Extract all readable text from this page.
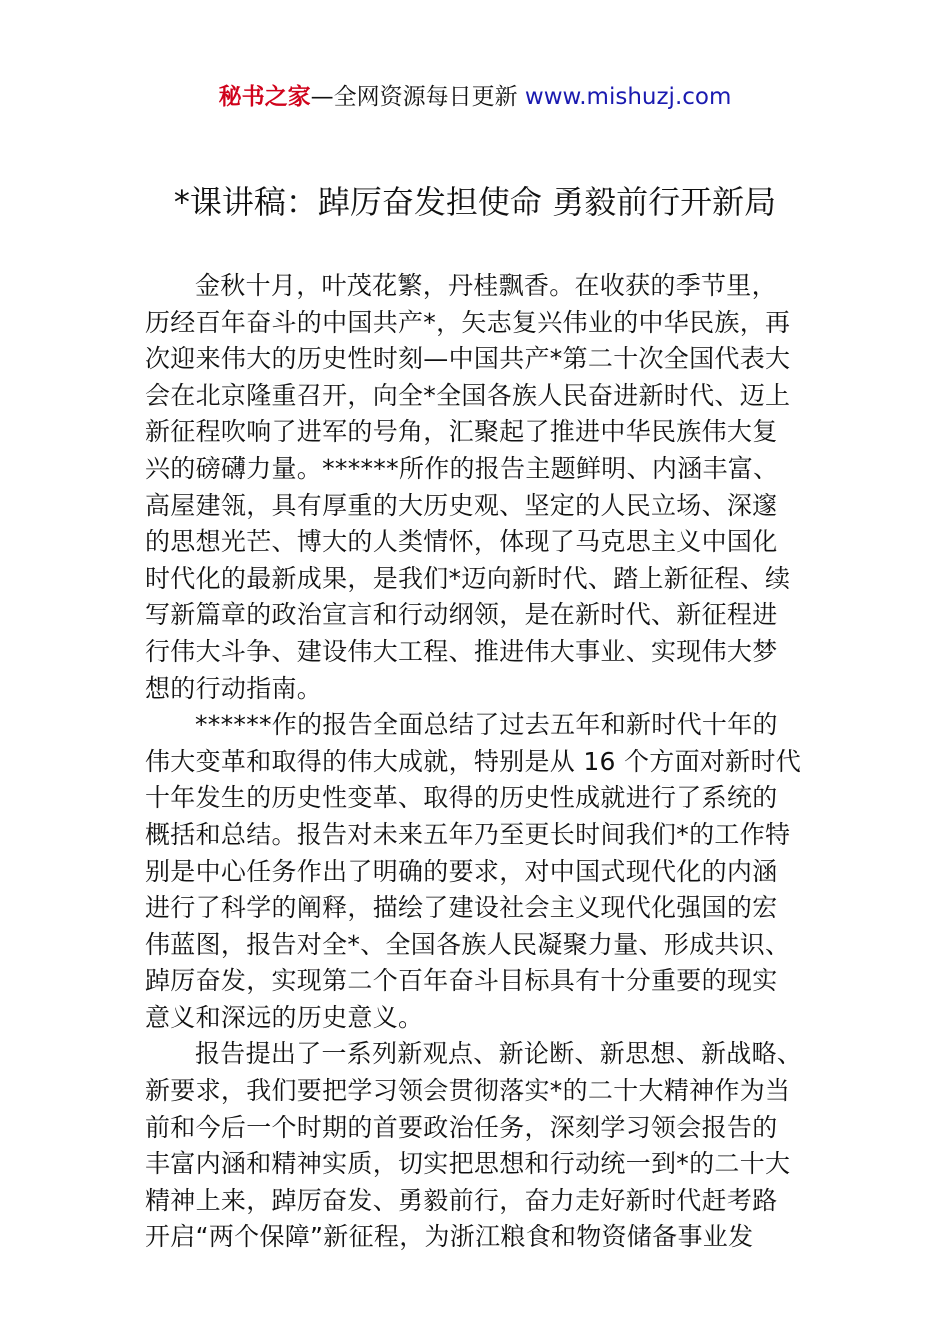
秘书之家—全网资源每日更新 www.mishuzj.com
*课讲稿：踔厉奋发担使命 勇毅前行开新局
金秋十月，叶茂花繁，丹桂飘香。在收获的季节里，
历经百年奋斗的中国共产*，矢志复兴伟业的中华民族，再
次迎来伟大的历史性时刻—中国共产*第二十次全国代表大
会在北京隆重召开，向全*全国各族人民奋进新时代、迈上
新征程吹响了进军的号角，汇聚起了推进中华民族伟大复
兴的磅礴力量。******所作的报告主题鲜明、内涵丰富、
高屋建瓴，具有厚重的大历史观、坚定的人民立场、深邃
的思想光芒、博大的人类情怀，体现了马克思主义中国化
时代化的最新成果，是我们*迈向新时代、踏上新征程、续
写新篇章的政治宣言和行动纲领，是在新时代、新征程进
行伟大斗争、建设伟大工程、推进伟大事业、实现伟大梦
想的行动指南。
******作的报告全面总结了过去五年和新时代十年的
伟大变革和取得的伟大成就，特别是从 16 个方面对新时代
十年发生的历史性变革、取得的历史性成就进行了系统的
概括和总结。报告对未来五年乃至更长时间我们*的工作特
别是中心任务作出了明确的要求，对中国式现代化的内涵
进行了科学的阐释，描绘了建设社会主义现代化强国的宏
伟蓝图，报告对全*、全国各族人民凝聚力量、形成共识、
踔厉奋发，实现第二个百年奋斗目标具有十分重要的现实
意义和深远的历史意义。
报告提出了一系列新观点、新论断、新思想、新战略、
新要求，我们要把学习领会贯彻落实*的二十大精神作为当
前和今后一个时期的首要政治任务，深刻学习领会报告的
丰富内涵和精神实质，切实把思想和行动统一到*的二十大
精神上来，踔厉奋发、勇毅前行，奋力走好新时代赶考路
开启“两个保障”新征程，为浙江粮食和物资储备事业发
